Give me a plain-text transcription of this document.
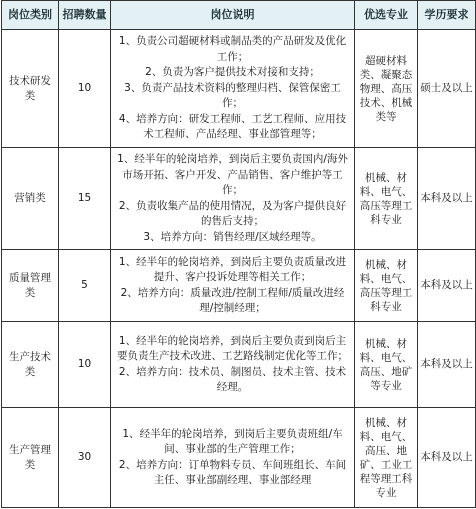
岗位类别	招聘数量	岗位说明	优选专业	学历要求
技术研发类	10	1、负责公司超硬材料或制品类的产品研发及优化工作；
2、负责为客户提供技术对接和支持；
3、负责产品技术资料的整理归档、保管保密工作；
4、培养方向：研发工程师、工艺工程师、应用技术工程师、产品经理、事业部管理等；	超硬材料类、凝聚态物理、高压技术、机械类等	硕士及以上
营销类	15	1、经半年的轮岗培养，到岗后主要负责国内/海外市场开拓、客户开发、产品销售、客户维护等工作；
2、负责收集产品的使用情况，及为客户提供良好的售后支持；
3、培养方向：销售经理/区域经理等。	机械、材料、电气、高压等理工科专业	本科及以上
质量管理类	5	1、经半年的轮岗培养，到岗后主要负责质量改进提升、客户投诉处理等相关工作；
2、培养方向：质量改进/控制工程师/质量改进经理/控制经理；	机械、材料、电气、高压等理工科专业	本科及以上
生产技术类	10	1、经半年的轮岗培养，到岗后主要负责到岗后主要负责生产技术改进、工艺路线制定优化等工作；
2、培养方向：技术员、制图员、技术主管、技术经理。	机械、材料、电气、高压、地矿等专业	本科及以上
生产管理类	30	1、经半年的轮岗培养，到岗后主要负责班组/车间、事业部的生产管理工作；
2、培养方向：订单物料专员、车间班组长、车间主任、事业部副经理、事业部经理	机械、材料、电气、高压、地矿、工业工程等理工科专业	本科及以上
